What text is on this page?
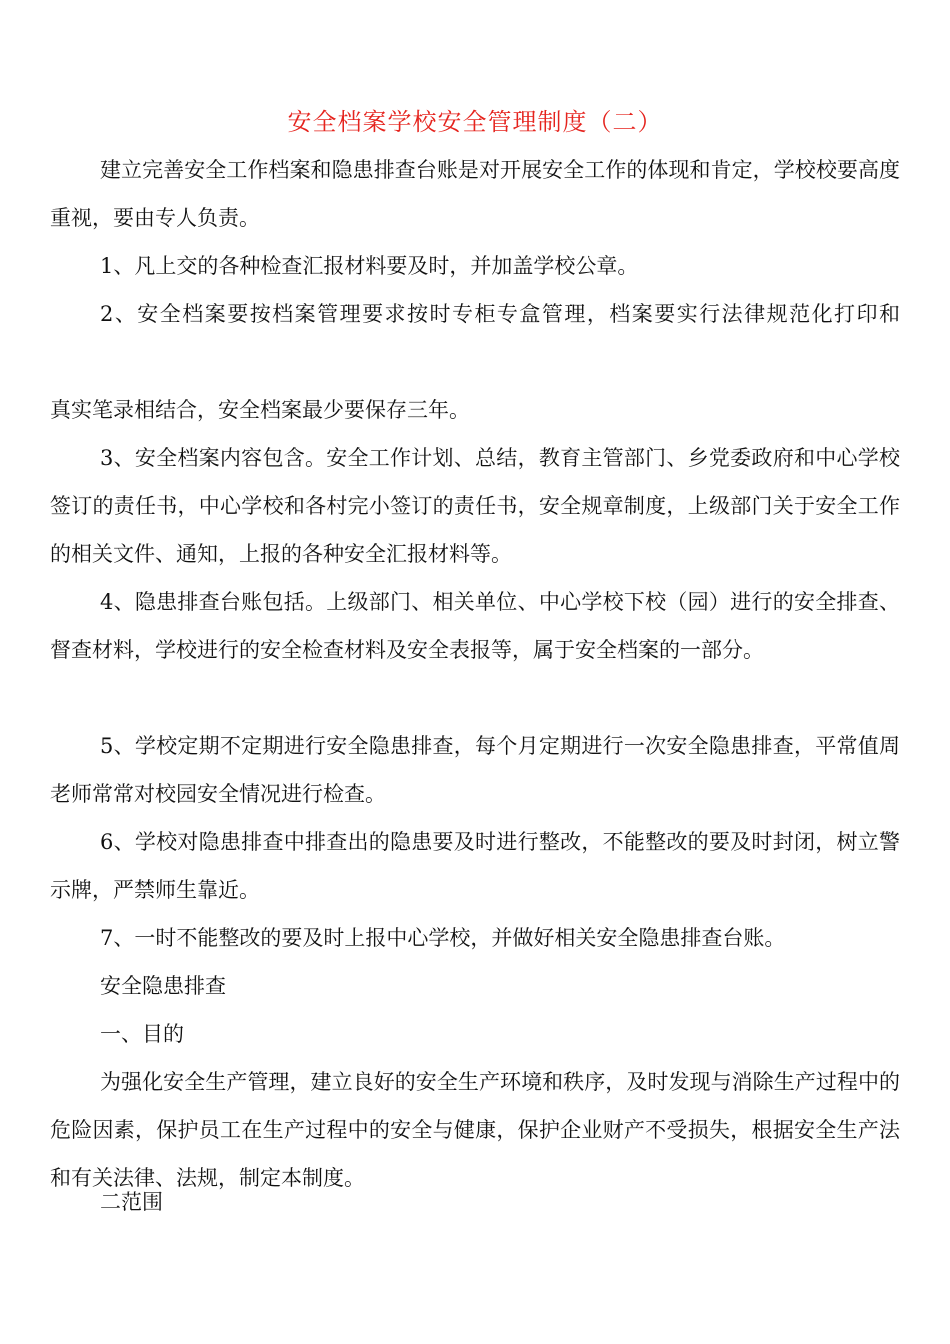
安全档案学校安全管理制度（二）

建立完善安全工作档案和隐患排查台账是对开展安全工作的体现和肯定，学校校要高度重视，要由专人负责。

1、凡上交的各种检查汇报材料要及时，并加盖学校公章。

2、安全档案要按档案管理要求按时专柜专盒管理，档案要实行法律规范化打印和

真实笔录相结合，安全档案最少要保存三年。

3、安全档案内容包含。安全工作计划、总结，教育主管部门、乡党委政府和中心学校签订的责任书，中心学校和各村完小签订的责任书，安全规章制度，上级部门关于安全工作的相关文件、通知，上报的各种安全汇报材料等。

4、隐患排查台账包括。上级部门、相关单位、中心学校下校（园）进行的安全排查、督查材料，学校进行的安全检查材料及安全表报等，属于安全档案的一部分。

5、学校定期不定期进行安全隐患排查，每个月定期进行一次安全隐患排查，平常值周老师常常对校园安全情况进行检查。

6、学校对隐患排查中排查出的隐患要及时进行整改，不能整改的要及时封闭，树立警示牌，严禁师生靠近。

7、一时不能整改的要及时上报中心学校，并做好相关安全隐患排查台账。

安全隐患排查

一、目的

为强化安全生产管理，建立良好的安全生产环境和秩序，及时发现与消除生产过程中的危险因素，保护员工在生产过程中的安全与健康，保护企业财产不受损失，根据安全生产法和有关法律、法规，制定本制度。

二范围
